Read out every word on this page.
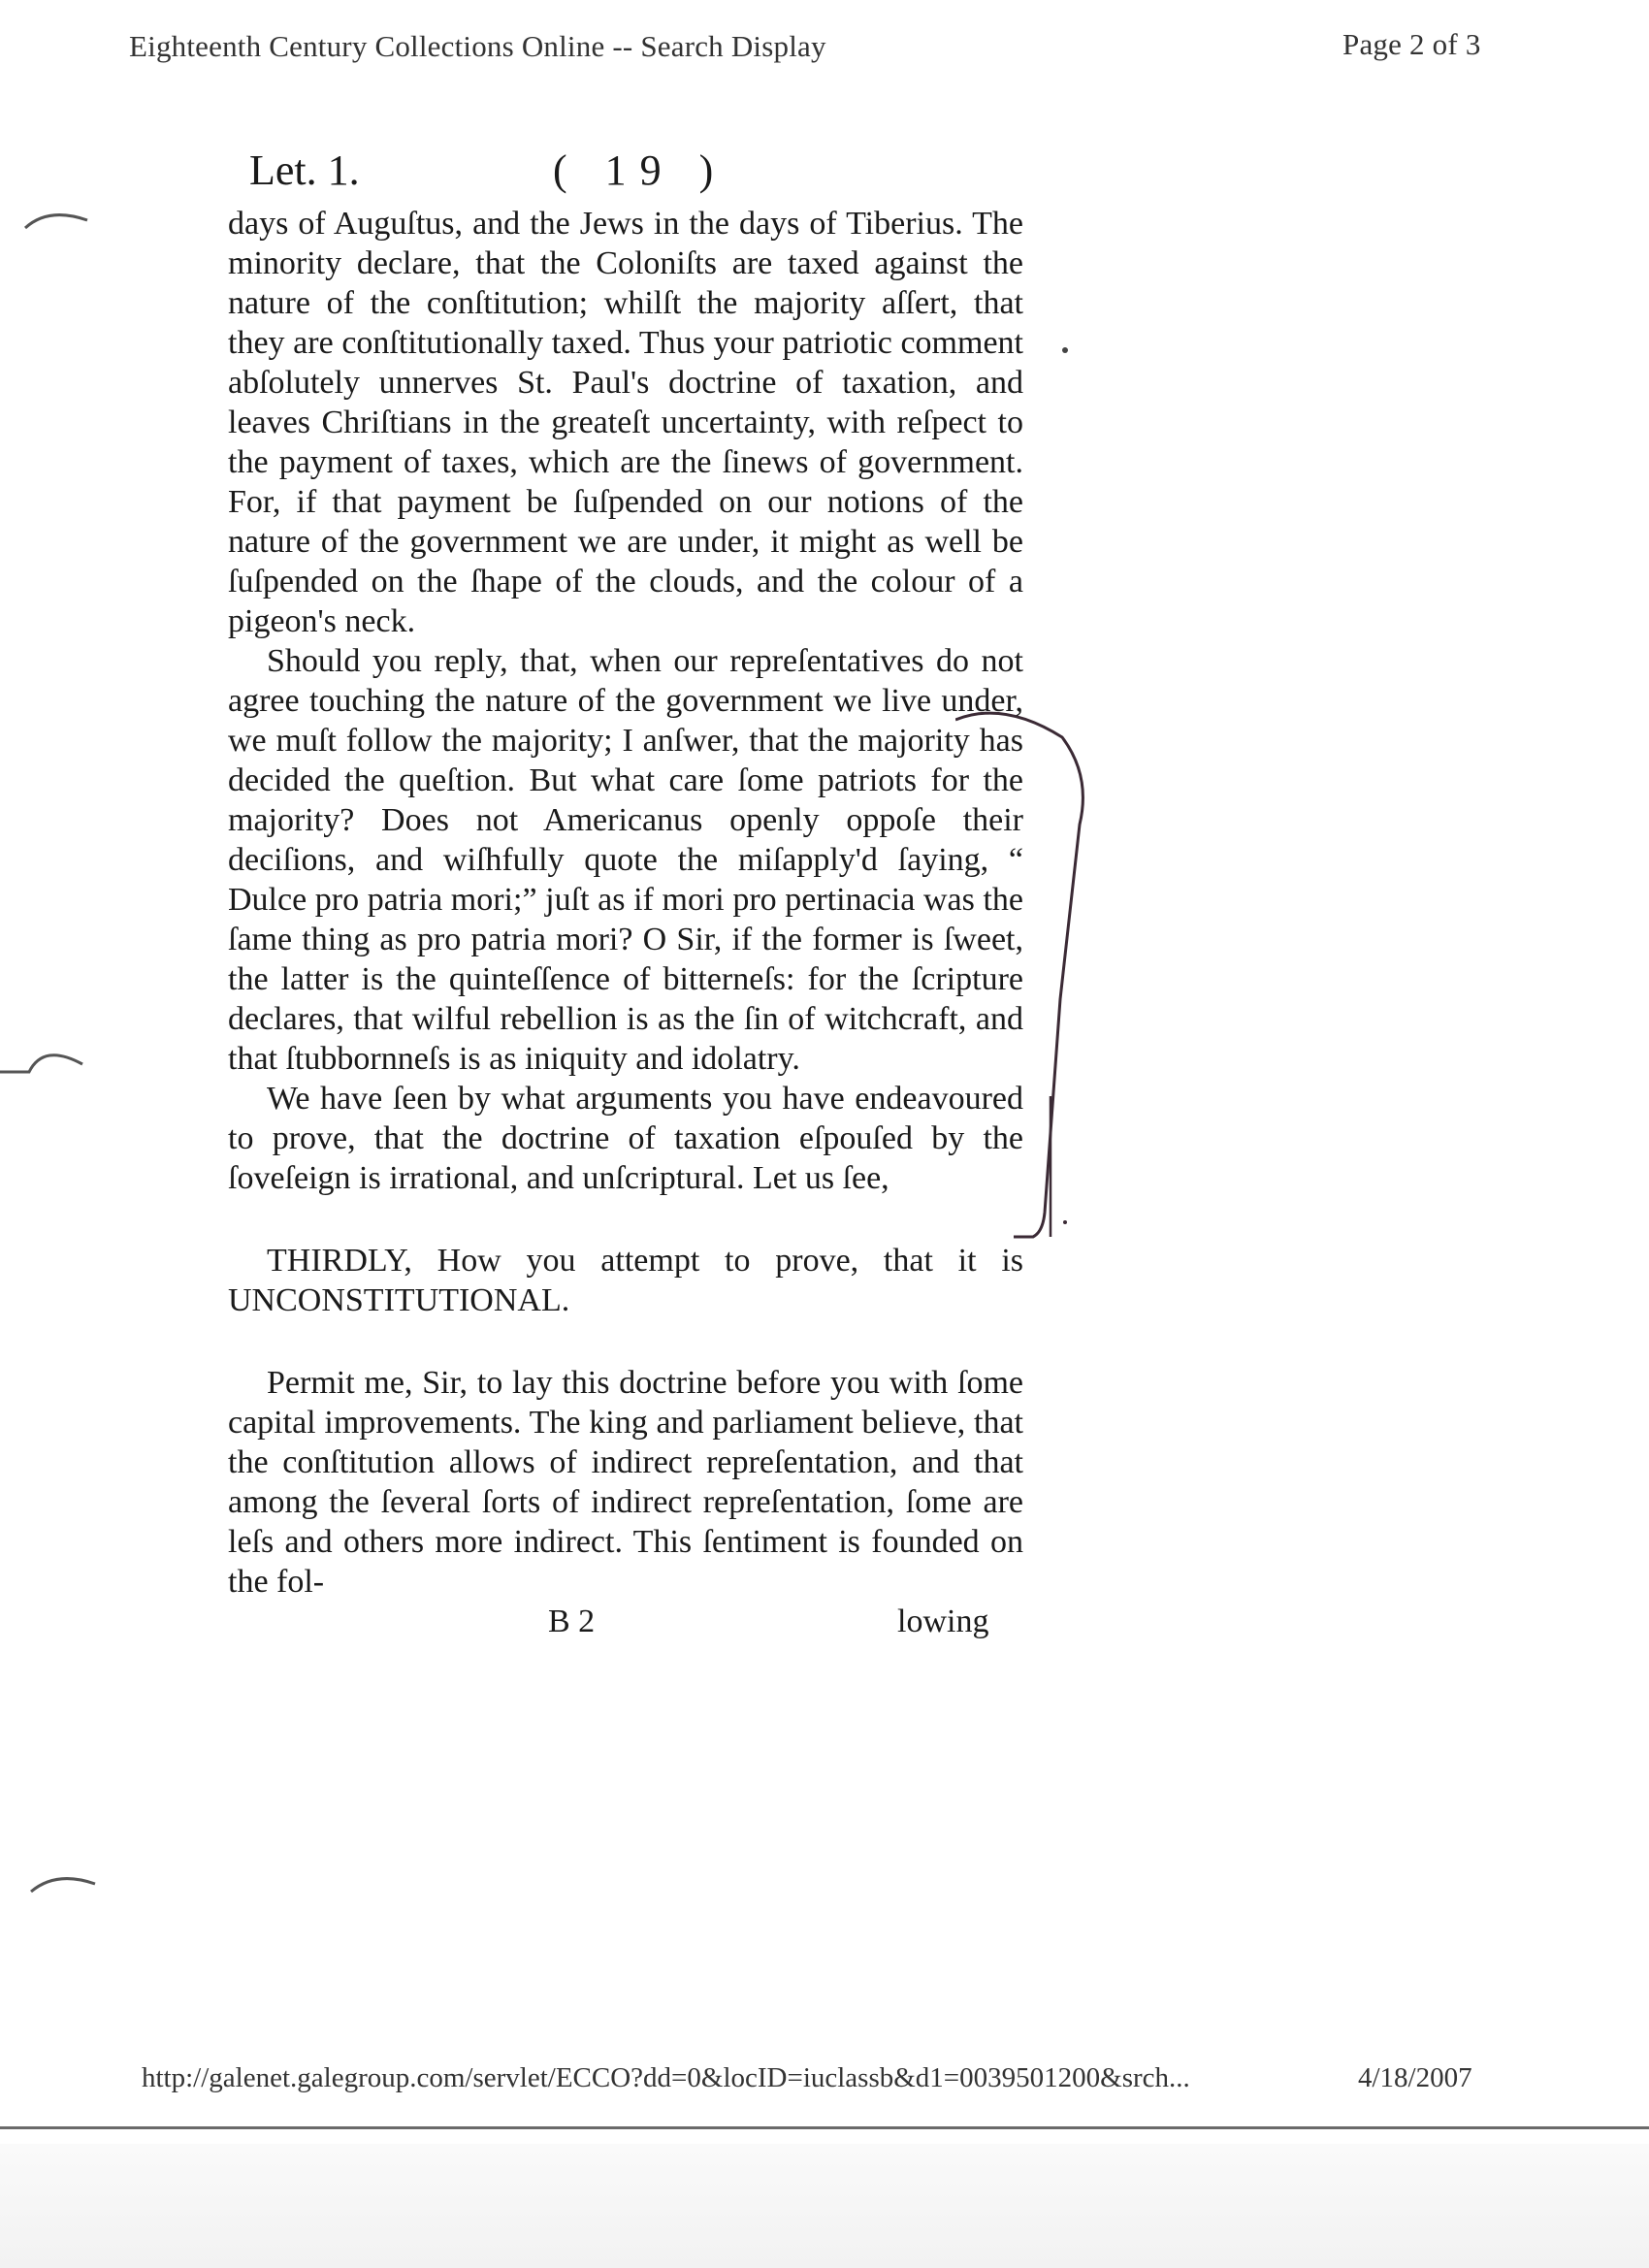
Eighteenth Century Collections Online -- Search Display	Page 2 of 3
Let. 1.	( 19 )

days of Auguſtus, and the Jews in the days of Tiberius. The minority declare, that the Coloniſts are taxed against the nature of the conſtitution; whilſt the majority aſſert, that they are conſtitutionally taxed. Thus your patriotic comment abſolutely unnerves St. Paul's doctrine of taxation, and leaves Chriſtians in the greateſt uncertainty, with reſpect to the payment of taxes, which are the ſinews of government. For, if that payment be ſuſpended on our notions of the nature of the government we are under, it might as well be ſuſpended on the ſhape of the clouds, and the colour of a pigeon's neck.

Should you reply, that, when our repreſentatives do not agree touching the nature of the government we live under, we muſt follow the majority; I anſwer, that the majority has decided the queſtion. But what care ſome patriots for the majority? Does not Americanus openly oppoſe their deciſions, and wiſhfully quote the miſapply'd ſaying, “ Dulce pro patria mori;” juſt as if mori pro pertinacia was the ſame thing as pro patria mori? O Sir, if the former is ſweet, the latter is the quinteſſence of bitterneſs: for the ſcripture declares, that wilful rebellion is as the ſin of witchcraft, and that ſtubbornneſs is as iniquity and idolatry.

We have ſeen by what arguments you have endeavoured to prove, that the doctrine of taxation eſpouſed by the ſoveſeign is irrational, and unſcriptural. Let us ſee,

THIRDLY, How you attempt to prove, that it is UNCONSTITUTIONAL.

Permit me, Sir, to lay this doctrine before you with ſome capital improvements. The king and parliament believe, that the conſtitution allows of indirect repreſentation, and that among the ſeveral ſorts of indirect repreſentation, ſome are leſs and others more indirect. This ſentiment is founded on the fol-

B 2	lowing
http://galenet.galegroup.com/servlet/ECCO?dd=0&locID=iuclassb&d1=0039501200&srch...	4/18/2007
